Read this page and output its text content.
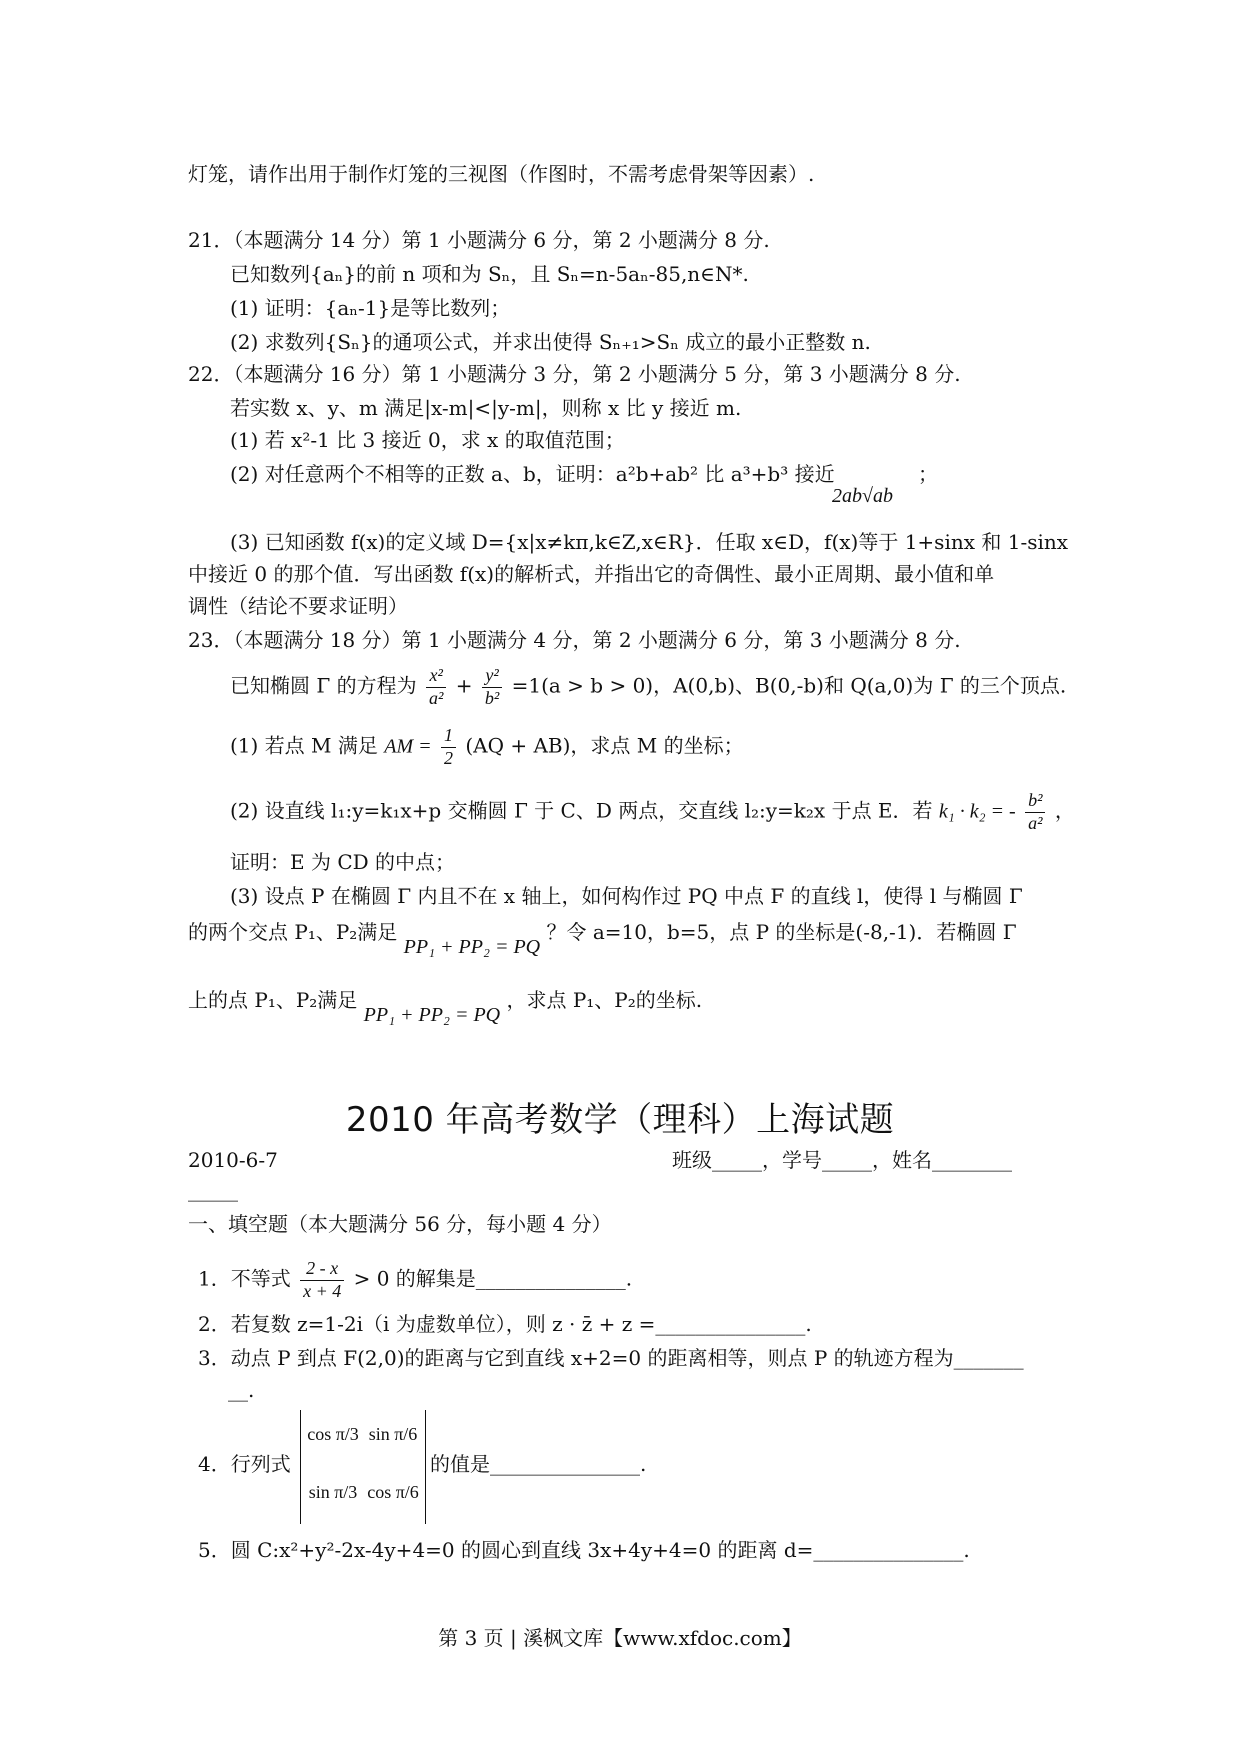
灯笼，请作出用于制作灯笼的三视图（作图时，不需考虑骨架等因素）.
21．（本题满分 14 分）第 1 小题满分 6 分，第 2 小题满分 8 分.
已知数列{aₙ}的前 n 项和为 Sₙ，且 Sₙ=n-5aₙ-85,n∈N*.
(1) 证明：{aₙ-1}是等比数列；
(2) 求数列{Sₙ}的通项公式，并求出使得 Sₙ₊₁>Sₙ 成立的最小正整数 n.
22．（本题满分 16 分）第 1 小题满分 3 分，第 2 小题满分 5 分，第 3 小题满分 8 分.
若实数 x、y、m 满足|x-m|<|y-m|，则称 x 比 y 接近 m.
(1) 若 x²-1 比 3 接近 0，求 x 的取值范围；
(2) 对任意两个不相等的正数 a、b，证明：a²b+ab² 比 a³+b³ 接近
2ab√ab
；
(3) 已知函数 f(x)的定义域 D={x|x≠kπ,k∈Z,x∈R}．任取 x∈D，f(x)等于 1+sinx 和 1-sinx
中接近 0 的那个值．写出函数 f(x)的解析式，并指出它的奇偶性、最小正周期、最小值和单
调性（结论不要求证明）
23．（本题满分 18 分）第 1 小题满分 4 分，第 2 小题满分 6 分，第 3 小题满分 8 分.
已知椭圆 Γ 的方程为 $\frac{\text{x²}}{\text{a²}} + \frac{\text{y²}}{\text{b²}} =1(a > b > 0)$，A(0,b)、B(0,-b)和 Q(a,0)为 Γ 的三个顶点.
(1) 若点 M 满足 AM = $\frac{1}{2} (AQ + AB)$，求点 M 的坐标；
(2) 设直线 l₁:y=k₁x+p 交椭圆 Γ 于 C、D 两点，交直线 l₂:y=k₂x 于点 E．若 k₁ · k₂ = - $\frac{\text{b²}}{\text{a²}}$ ，
证明：E 为 CD 的中点；
(3) 设点 P 在椭圆 Γ 内且不在 x 轴上，如何构作过 PQ 中点 F 的直线 l，使得 l 与椭圆 Γ
的两个交点 P₁、P₂满足 PP₁ + PP₂ = PQ ？令 a=10，b=5，点 P 的坐标是(-8,-1)．若椭圆 Γ
上的点 P₁、P₂满足 PP₁ + PP₂ = PQ ，求点 P₁、P₂的坐标.
2010 年高考数学（理科）上海试题
2010-6-7	班级_____，学号_____，姓名________
_____
一、填空题（本大题满分 56 分，每小题 4 分）
1．不等式 $\frac{2 - x}{x + 4} > 0$ 的解集是_______________.
2．若复数 z=1-2i（i 为虚数单位），则 z · z̄ + z =_______________.
3．动点 P 到点 F(2,0)的距离与它到直线 x+2=0 的距离相等，则点 P 的轨迹方程为_______
__.
4．行列式
cos π/3 sin π/6
sin π/3 cos π/6
的值是_______________.
5．圆 C:x²+y²-2x-4y+4=0 的圆心到直线 3x+4y+4=0 的距离 d=_______________.
第 3 页 | 溪枫文库【www.xfdoc.com】
